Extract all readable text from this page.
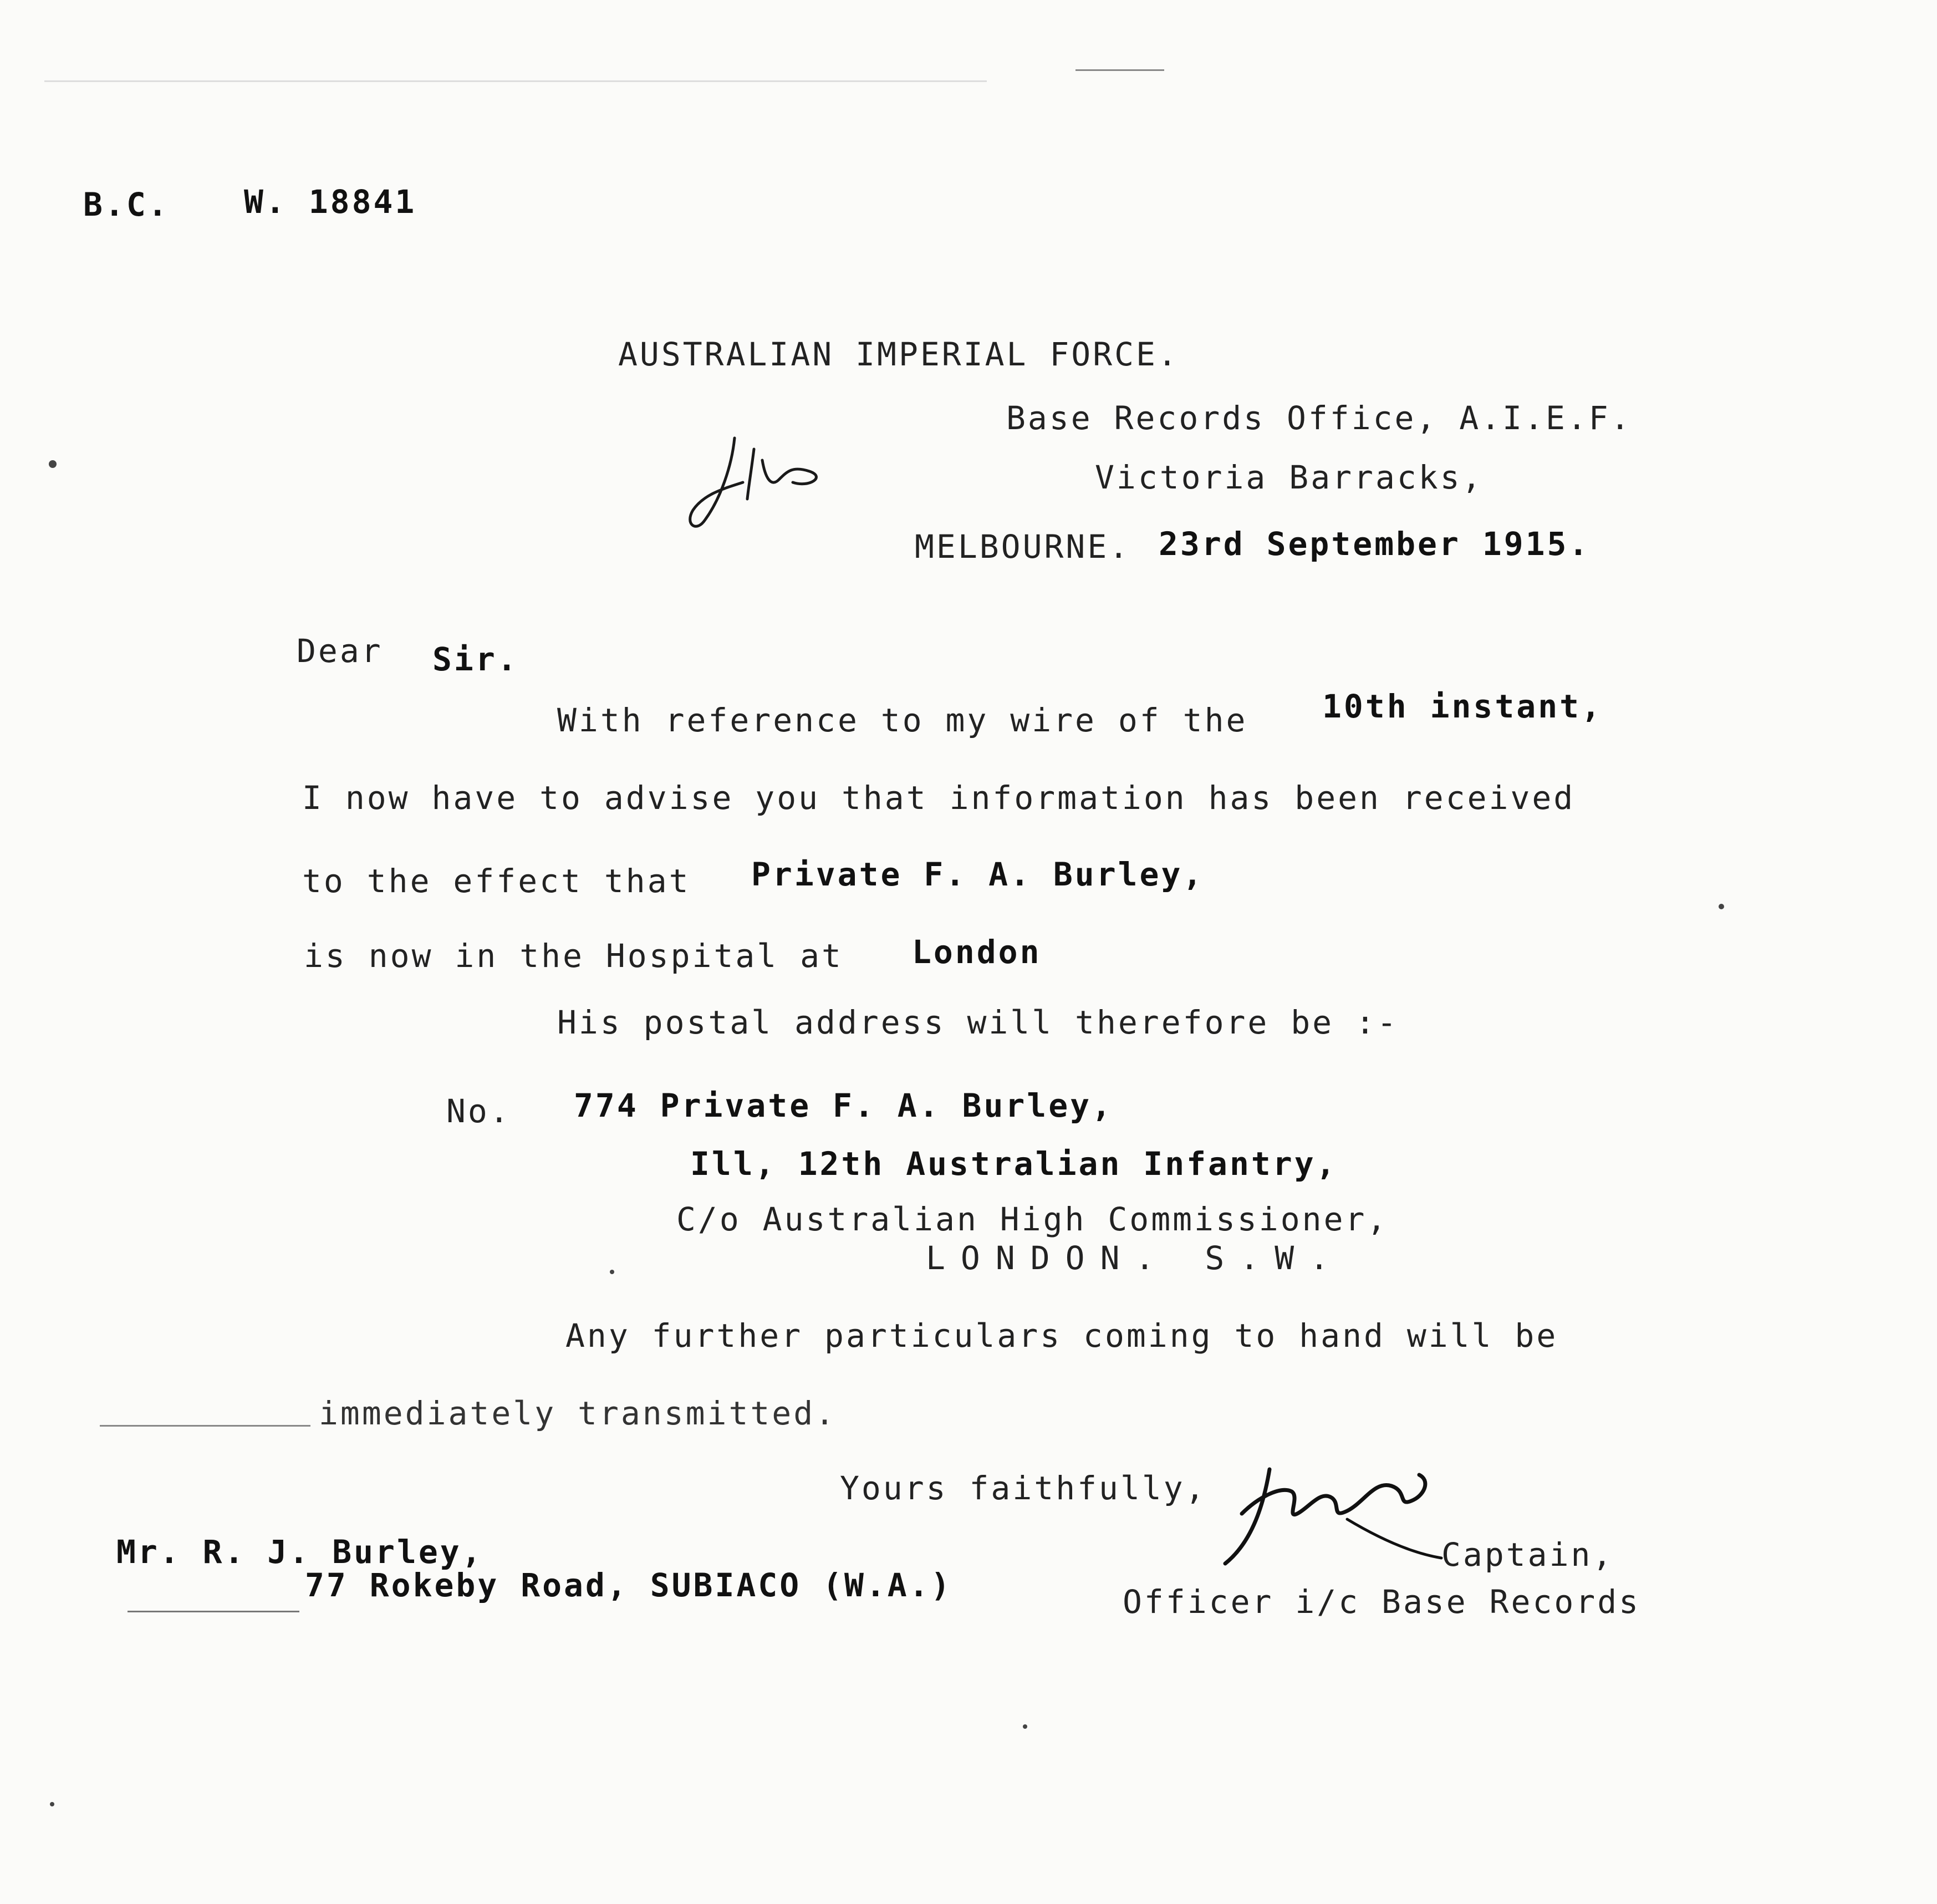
B.C. W. 18841
AUSTRALIAN IMPERIAL FORCE.
Base Records Office, A.I.E.F.
Victoria Barracks,
MELBOURNE. 23rd September 1915.
Dear Sir.
With reference to my wire of the 10th instant,
I now have to advise you that information has been received
to the effect that Private F. A. Burley,
is now in the Hospital at London
His postal address will therefore be :-
No. 774 Private F. A. Burley,
Ill, 12th Australian Infantry,
C/o Australian High Commissioner,
LONDON. S.W.
Any further particulars coming to hand will be
immediately transmitted.
Yours faithfully,
Captain,
Officer i/c Base Records
Mr. R. J. Burley,
77 Rokeby Road, SUBIACO (W.A.)
